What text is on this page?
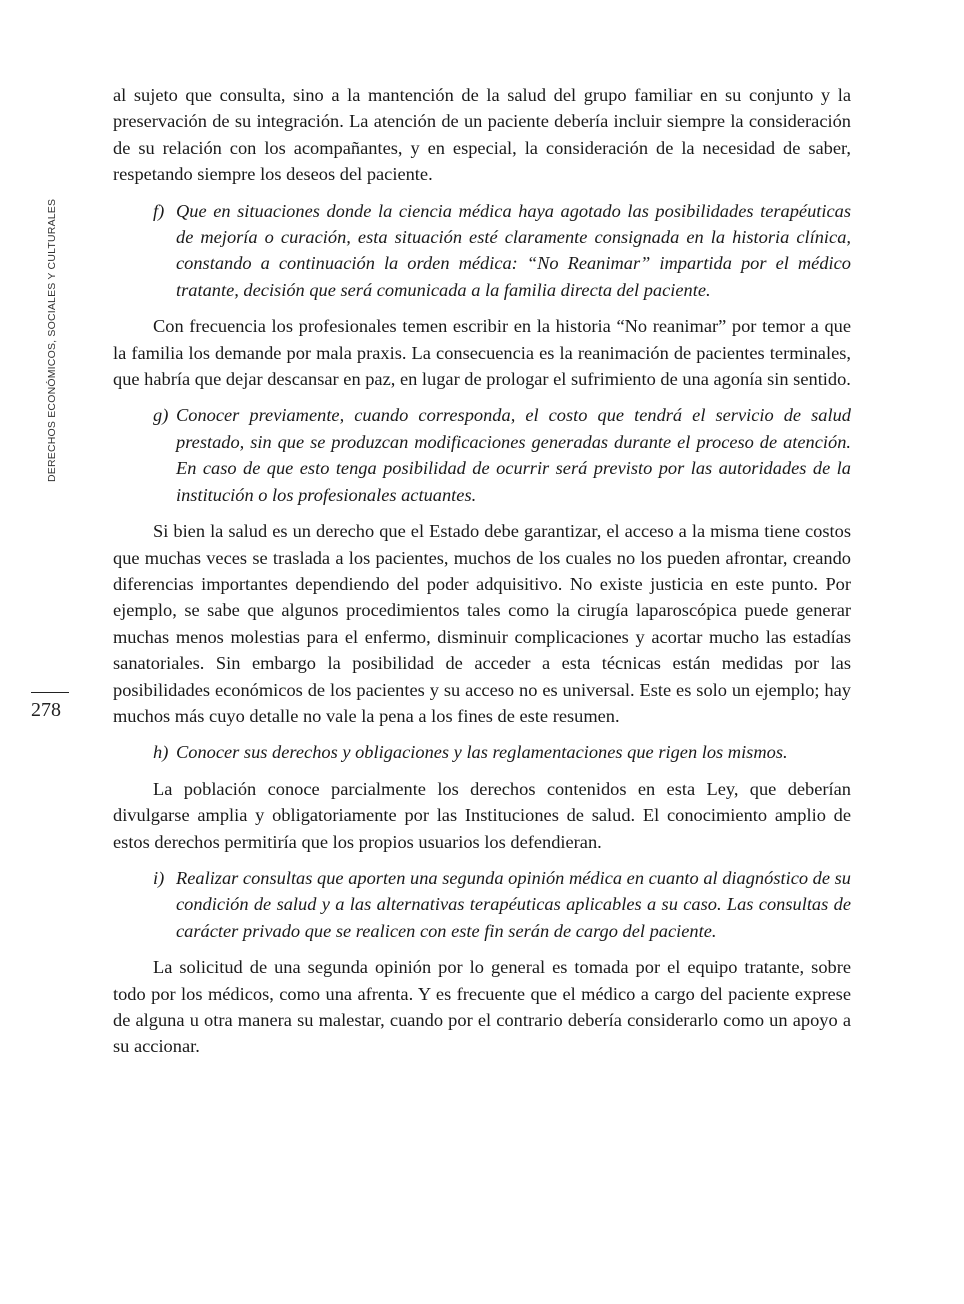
DERECHOS ECONÓMICOS, SOCIALES Y CULTURALES
278

al sujeto que consulta, sino a la mantención de la salud del grupo familiar en su conjunto y la preservación de su integración. La atención de un paciente debería incluir siempre la consideración de su relación con los acompañantes, y en especial, la consideración de la necesidad de saber, respetando siempre los deseos del paciente.

f) Que en situaciones donde la ciencia médica haya agotado las posibilidades terapéuticas de mejoría o curación, esta situación esté claramente consignada en la historia clínica, constando a continuación la orden médica: “No Reanimar” impartida por el médico tratante, decisión que será comunicada a la familia directa del paciente.

Con frecuencia los profesionales temen escribir en la historia “No reanimar” por temor a que la familia los demande por mala praxis. La consecuencia es la reanimación de pacientes terminales, que habría que dejar descansar en paz, en lugar de prologar el sufrimiento de una agonía sin sentido.

g) Conocer previamente, cuando corresponda, el costo que tendrá el servicio de salud prestado, sin que se produzcan modificaciones generadas durante el proceso de atención. En caso de que esto tenga posibilidad de ocurrir será previsto por las autoridades de la institución o los profesionales actuantes.

Si bien la salud es un derecho que el Estado debe garantizar, el acceso a la misma tiene costos que muchas veces se traslada a los pacientes, muchos de los cuales no los pueden afrontar, creando diferencias importantes dependiendo del poder adquisitivo. No existe justicia en este punto. Por ejemplo, se sabe que algunos procedimientos tales como la cirugía laparoscópica puede generar muchas menos molestias para el enfermo, disminuir complicaciones y acortar mucho las estadías sanatoriales. Sin embargo la posibilidad de acceder a esta técnicas están medidas por las posibilidades económicos de los pacientes y su acceso no es universal. Este es solo un ejemplo; hay muchos más cuyo detalle no vale la pena a los fines de este resumen.

h) Conocer sus derechos y obligaciones y las reglamentaciones que rigen los mismos.

La población conoce parcialmente los derechos contenidos en esta Ley, que deberían divulgarse amplia y obligatoriamente por las Instituciones de salud. El conocimiento amplio de estos derechos permitiría que los propios usuarios los defendieran.

i) Realizar consultas que aporten una segunda opinión médica en cuanto al diagnóstico de su condición de salud y a las alternativas terapéuticas aplicables a su caso. Las consultas de carácter privado que se realicen con este fin serán de cargo del paciente.

La solicitud de una segunda opinión por lo general es tomada por el equipo tratante, sobre todo por los médicos, como una afrenta. Y es frecuente que el médico a cargo del paciente exprese de alguna u otra manera su malestar, cuando por el contrario debería considerarlo como un apoyo a su accionar.
